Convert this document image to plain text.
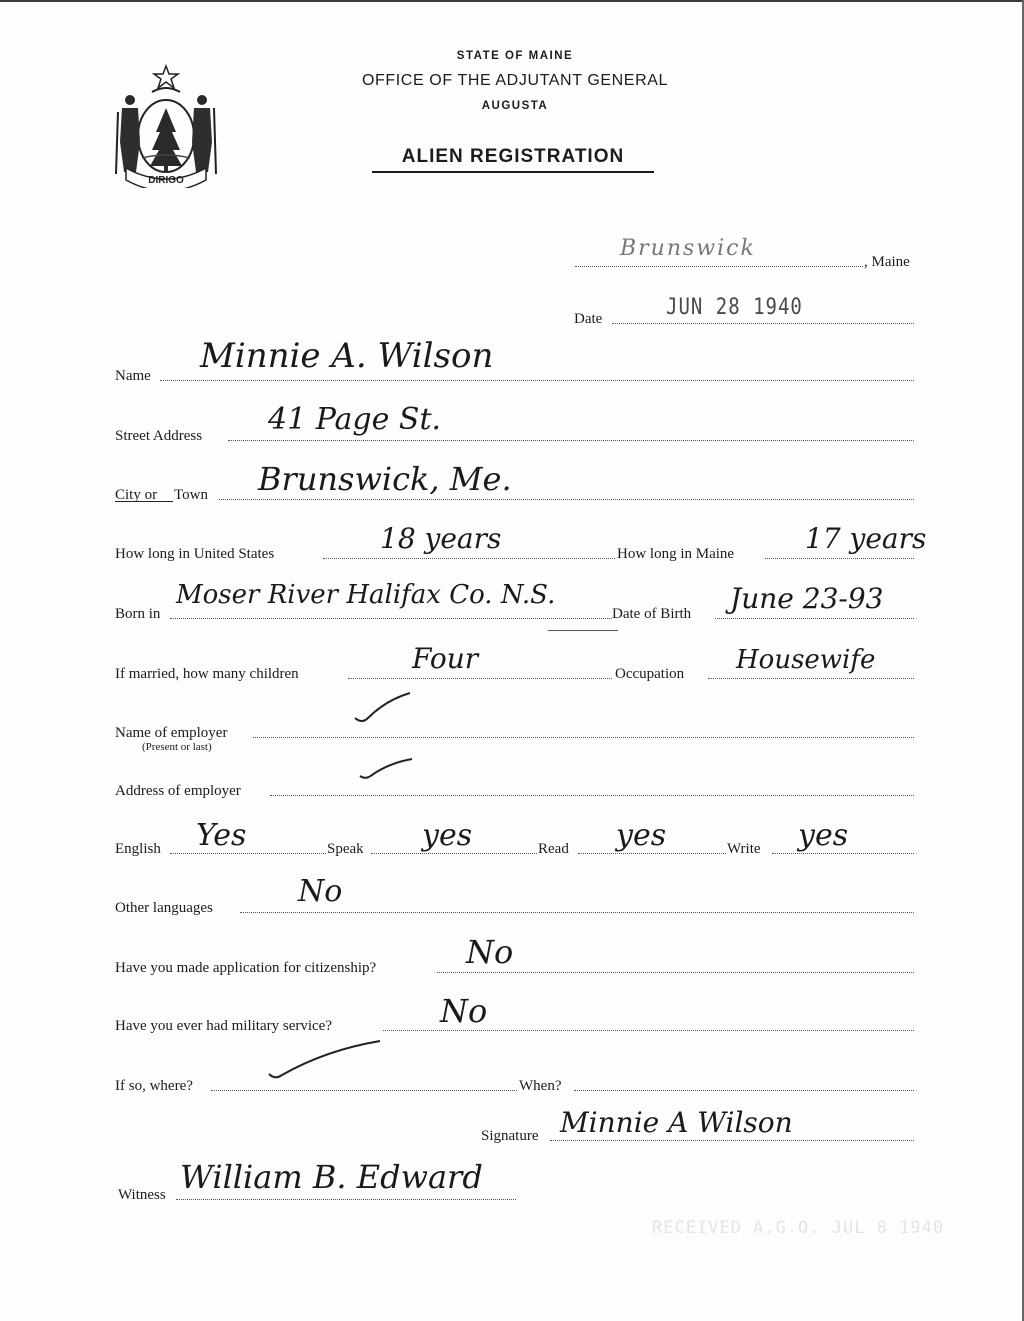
DIRIGO
STATE OF MAINE
OFFICE OF THE ADJUTANT GENERAL
AUGUSTA
ALIEN REGISTRATION
Brunswick
, Maine
Date	JUN 28 1940
Name Minnie A. Wilson
Street Address 41 Page St.
City or Town Brunswick, Me.
How long in United States	18 years	How long in Maine	17 years
Born in
Moser River Halifax Co. N.S.
Date of Birth June 23-93
If married, how many children	Four	Occupation Housewife
Name of employer
(Present or last)
Address of employer
English Yes	Speak yes	Read yes	Write yes
Other languages	No
Have you made application for citizenship?	No
Have you ever had military service?	No
If so, where?	When?
Signature Minnie A Wilson
Witness William B. Edward
RECEIVED A.G.O. JUL 8 1940
